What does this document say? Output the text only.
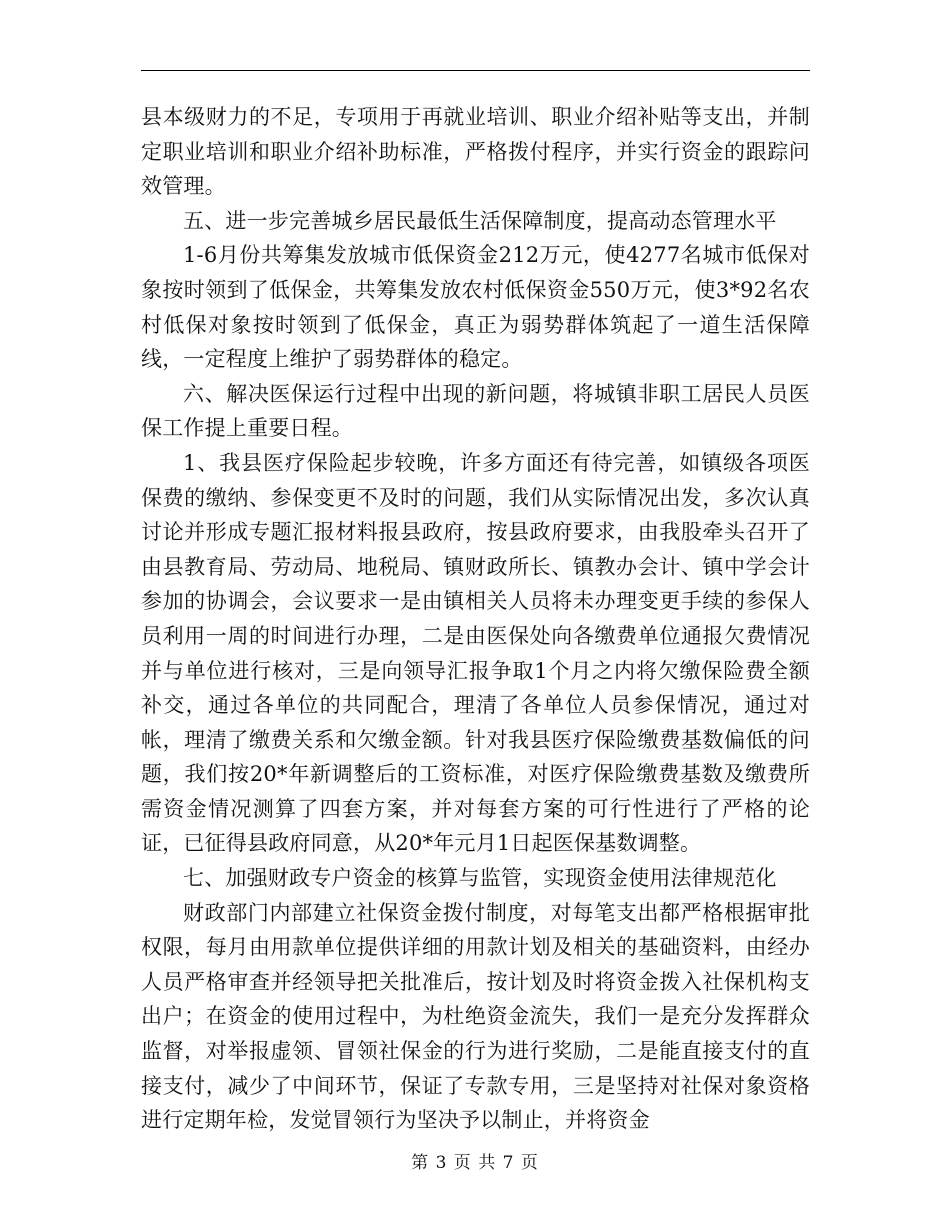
县本级财力的不足，专项用于再就业培训、职业介绍补贴等支出，并制定职业培训和职业介绍补助标准，严格拨付程序，并实行资金的跟踪问效管理。

五、进一步完善城乡居民最低生活保障制度，提高动态管理水平

1-6月份共筹集发放城市低保资金212万元，使4277名城市低保对象按时领到了低保金，共筹集发放农村低保资金550万元，使3*92名农村低保对象按时领到了低保金，真正为弱势群体筑起了一道生活保障线，一定程度上维护了弱势群体的稳定。

六、解决医保运行过程中出现的新问题，将城镇非职工居民人员医保工作提上重要日程。

1、我县医疗保险起步较晚，许多方面还有待完善，如镇级各项医保费的缴纳、参保变更不及时的问题，我们从实际情况出发，多次认真讨论并形成专题汇报材料报县政府，按县政府要求，由我股牵头召开了由县教育局、劳动局、地税局、镇财政所长、镇教办会计、镇中学会计参加的协调会，会议要求一是由镇相关人员将未办理变更手续的参保人员利用一周的时间进行办理，二是由医保处向各缴费单位通报欠费情况并与单位进行核对，三是向领导汇报争取1个月之内将欠缴保险费全额补交，通过各单位的共同配合，理清了各单位人员参保情况，通过对帐，理清了缴费关系和欠缴金额。针对我县医疗保险缴费基数偏低的问题，我们按20*年新调整后的工资标准，对医疗保险缴费基数及缴费所需资金情况测算了四套方案，并对每套方案的可行性进行了严格的论证，已征得县政府同意，从20*年元月1日起医保基数调整。

七、加强财政专户资金的核算与监管，实现资金使用法律规范化

财政部门内部建立社保资金拨付制度，对每笔支出都严格根据审批权限，每月由用款单位提供详细的用款计划及相关的基础资料，由经办人员严格审查并经领导把关批准后，按计划及时将资金拨入社保机构支出户；在资金的使用过程中，为杜绝资金流失，我们一是充分发挥群众监督，对举报虚领、冒领社保金的行为进行奖励，二是能直接支付的直接支付，减少了中间环节，保证了专款专用，三是坚持对社保对象资格进行定期年检，发觉冒领行为坚决予以制止，并将资金

第 3 页 共 7 页
